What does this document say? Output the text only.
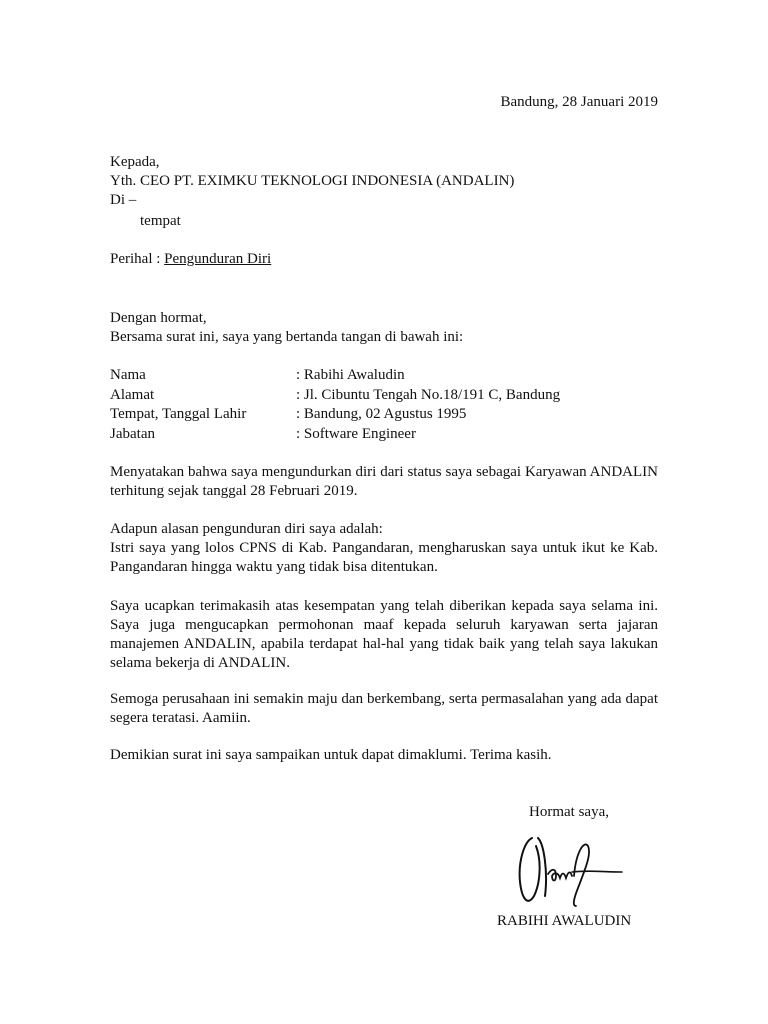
Bandung, 28 Januari 2019
Kepada,
Yth. CEO PT. EXIMKU TEKNOLOGI INDONESIA (ANDALIN)
Di –
tempat
Perihal : Pengunduran Diri
Dengan hormat,
Bersama surat ini, saya yang bertanda tangan di bawah ini:
Nama	: Rabihi Awaludin
Alamat	: Jl. Cibuntu Tengah No.18/191 C, Bandung
Tempat, Tanggal Lahir	: Bandung, 02 Agustus 1995
Jabatan	: Software Engineer
Menyatakan bahwa saya mengundurkan diri dari status saya sebagai Karyawan ANDALIN terhitung sejak tanggal 28 Februari 2019.
Adapun alasan pengunduran diri saya adalah:
Istri saya yang lolos CPNS di Kab. Pangandaran, mengharuskan saya untuk ikut ke Kab. Pangandaran hingga waktu yang tidak bisa ditentukan.
Saya ucapkan terimakasih atas kesempatan yang telah diberikan kepada saya selama ini. Saya juga mengucapkan permohonan maaf kepada seluruh karyawan serta jajaran manajemen ANDALIN, apabila terdapat hal-hal yang tidak baik yang telah saya lakukan selama bekerja di ANDALIN.
Semoga perusahaan ini semakin maju dan berkembang, serta permasalahan yang ada dapat segera teratasi. Aamiin.
Demikian surat ini saya sampaikan untuk dapat dimaklumi. Terima kasih.
Hormat saya,
RABIHI AWALUDIN
